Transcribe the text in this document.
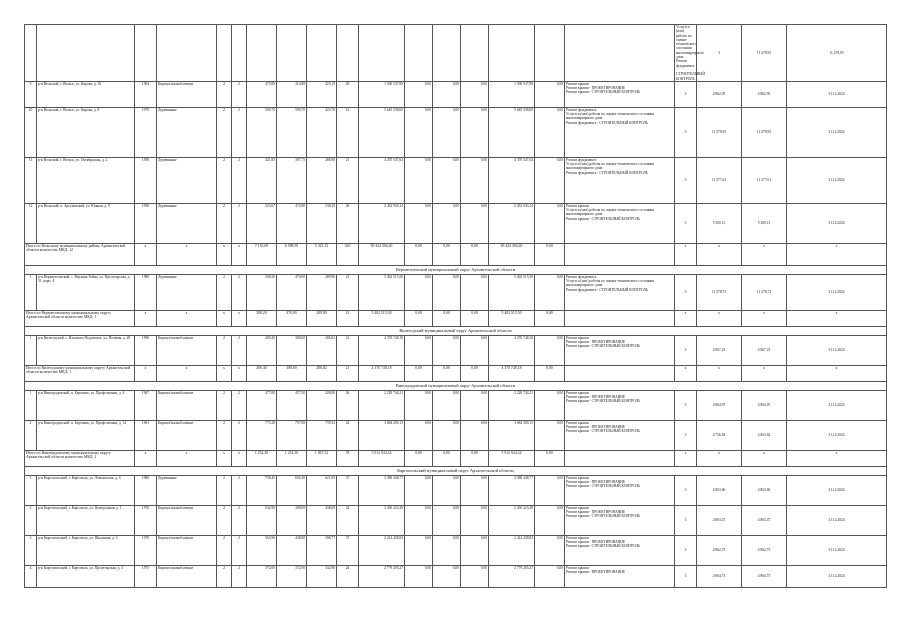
																	Услуги и (или) работы по оценке технического состояния многоквартирного дома
Ремонт фундамента - СТРОИТЕЛЬНЫЙ КОНТРОЛЬ	3	11 278,95	11 278,95	
9	р-н Вельский, г. Вельск, ул. Кирова, д. 30	1964	Кирпич/шлакоблочные	2	2	475,89	314,88	425,19	20	1 300 537,88	0,00	0,00	0,00	1 300 537,88	0,00	Ремонт крыши
Ремонт крыши - ПРОЕКТИРОВАНИЕ
Ремонт крыши - СТРОИТЕЛЬНЫЙ КОНТРОЛЬ	3	4 862,95	4 862,95	31.12.2024	
10	р-н Вельский, г. Вельск, ул. Кирова, д. 8	1970	Деревянные	2	2	500,70	500,70	422,70	21	5 645 538,60	0,00	0,00	0,00	5 645 538,60	0,00	Ремонт фундамента
Услуги и (или) работы по оценке технического состояния многоквартирного дома
Ремонт фундамента - СТРОИТЕЛЬНЫЙ КОНТРОЛЬ	3	11 278,95	11 278,95	31.12.2024	
11	р-н Вельский, г. Вельск, ул. Октябрьская, д. 2	1958	Деревянные	2	2	421,85	397,75	288,90	21	4 470 547,64	0,00	0,00	0,00	4 470 547,64	0,00	Ремонт фундамента
Услуги и (или) работы по оценке технического состояния многоквартирного дома
Ремонт фундамента - СТРОИТЕЛЬНЫЙ КОНТРОЛЬ	3	11 277,61	11 277,61	31.12.2024	
12	р-н Вельский, п. Аргуновский, ул. Южная, д. 9	1958	Деревянные	2	2	523,07	472,80	538,25	26	2 452 943,14	0,00	0,00	0,00	2 452 943,14	0,00	Ремонт крыши
Услуги и (или) работы по оценке технического состояния многоквартирного дома
Ремонт крыши - СТРОИТЕЛЬНЫЙ КОНТРОЛЬ	3	5 300,13	5 300,13	31.12.2024	
Итого по Вельскому муниципальному району Архангельской области количество МКД: 12		x	x	x	x	7 155,69	6 588,59	5 325,12	320	85 424 304,20	0,00	0,00	0,00	85 424 304,20	0,00		x	x	x	x	
Верхнетоемский муниципальный округ Архангельской области																					
1	р-н Верхнетоемский, с. Верхняя Тойма, ул. Пролетарская, д. 31, корп. 4	1980	Деревянные	2	2	508,20	470,00	289,90	21	5 402 515,50	0,00	0,00	0,00	5 402 515,50	0,00	Ремонт фундамента
Услуги и (или) работы по оценке технического состояния многоквартирного дома
Ремонт фундамента - СТРОИТЕЛЬНЫЙ КОНТРОЛЬ	3	11 278,73	11 278,73	31.12.2024	
Итого по Верхнетоемскому муниципальному округу Архангельской области количество МКД: 1		x	x	x	x	508,20	470,00	289,90	21	5 402 515,50	0,00	0,00	0,00	5 402 515,50	0,00		x	x	x	x	
Вилегодский муниципальный округ Архангельской области																					
1	р-н Вилегодский, с. Ильинско-Подомское, ул. Полевая, д. 28	1990	Кирпич/шлакоблочные	2	2	400,40	308,60	286,82	21	4 370 748,18	0,00	0,00	0,00	4 370 748,18	0,00	Ремонт крыши
Ремонт крыши - ПРОЕКТИРОВАНИЕ
Ремонт крыши - СТРОИТЕЛЬНЫЙ КОНТРОЛЬ	3	4 867,23	4 867,23	31.12.2024	
Итого по Вилегодскому муниципальному округу Архангельской области количество МКД: 1		x	x	x	x	400,40	308,60	286,82	21	4 370 748,18	0,00	0,00	0,00	4 370 748,18	0,00		x	x	x	x	
Виноградовский муниципальный округ Архангельской области																					
1	р-н Виноградовский, п. Березник, ул. Профсоюзная, д. 4	1967	Кирпич/шлакоблочные	2	2	477,00	457,50	328,00	36	2 228 744,21	0,00	0,00	0,00	2 228 744,21	0,00	Ремонт крыши
Ремонт крыши - ПРОЕКТИРОВАНИЕ
Ремонт крыши - СТРОИТЕЛЬНЫЙ КОНТРОЛЬ	3	4 864,97	4 864,97	31.12.2024	
2	р-н Виноградовский, п. Березник, ул. Профсоюзная, д. 14	1961	Кирпич/шлакоблочные	2	2	775,20	757,00	739,32	42	3 684 200,13	0,00	0,00	0,00	3 684 200,13	0,00	Ремонт крыши
Ремонт крыши - ПРОЕКТИРОВАНИЕ
Ремонт крыши - СТРОИТЕЛЬНЫЙ КОНТРОЛЬ	3	4 756,82	4 863,82	31.12.2024	
Итого по Виноградовскому муниципальному округу Архангельской области количество МКД: 2		x	x	x	x	1 252,20	1 214,50	1 067,32	78	5 912 944,34	0,00	0,00	0,00	5 912 944,34	0,00		x	x	x	x	
Каргопольский муниципальный округ Архангельской области																					
1	р-н Каргопольский, г. Каргополь, ул. Ломоносова, д. 4	1980	Деревянные	2	2	758,46	692,30	621,00	37	2 380 448,77	0,00	0,00	0,00	2 380 448,77	0,00	Ремонт крыши
Ремонт крыши - ПРОЕКТИРОВАНИЕ
Ремонт крыши - СТРОИТЕЛЬНЫЙ КОНТРОЛЬ	3	4 863,60	4 863,60	31.12.2024	
2	р-н Каргопольский, г. Каргополь, ул. Центральная, д. 1	1970	Кирпич/шлакоблочные	2	2	542,90	308,00	438,69	32	2 450 223,28	0,00	0,00	0,00	2 450 223,28	0,00	Ремонт крыши
Ремонт крыши - ПРОЕКТИРОВАНИЕ
Ремонт крыши - СТРОИТЕЛЬНЫЙ КОНТРОЛЬ	3	4 863,47	4 863,47	31.12.2024	
3	р-н Каргопольский, г. Каргополь, ул. Школьная, д. 3	1978	Кирпич/шлакоблочные	2	2	563,96	438,80	398,77	37	2 414 438,84	0,00	0,00	0,00	2 414 438,84	0,00	Ремонт крыши
Ремонт крыши - ПРОЕКТИРОВАНИЕ
Ремонт крыши - СТРОИТЕЛЬНЫЙ КОНТРОЛЬ	3	4 862,75	4 862,75	31.12.2024	
4	р-н Каргопольский, г. Каргополь, ул. Пролетарская, д. 3	1975	Кирпич/шлакоблочные	2	2	372,00	372,00	332,90	24	2 779 205,27	0,00	0,00	0,00	2 779 205,27	0,00	Ремонт крыши
Ремонт крыши - ПРОЕКТИРОВАНИЕ	3	4 864,73	4 864,73	31.12.2024	
